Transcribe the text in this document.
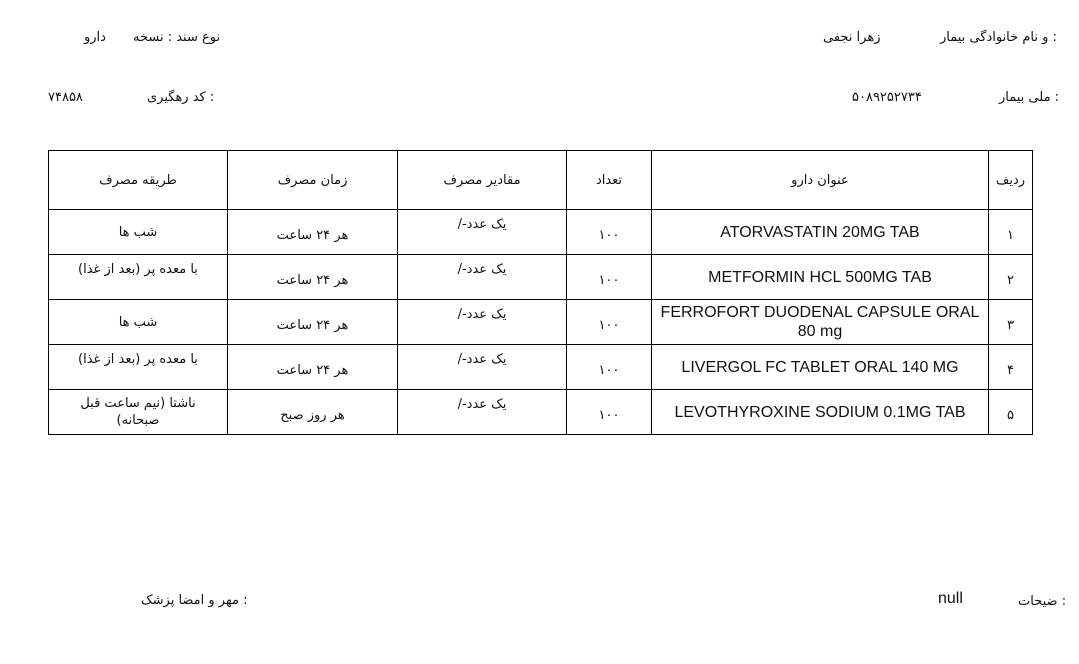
دارو نوع سند : نسخه	زهرا نجفی	و نام خانوادگی بیمار :
۷۴۸۵۸	کد رهگیری :	۵۰۸۹۲۵۲۷۳۴	ملی بیمار :
طریقه مصرف	زمان مصرف	مقادیر مصرف	تعداد	عنوان دارو	ردیف
شب ها	هر ۲۴ ساعت	/-یک عدد	۱۰۰	ATORVASTATIN 20MG TAB	۱

با معده پر (بعد از غذا)	هر ۲۴ ساعت	/-یک عدد	۱۰۰	METFORMIN HCL 500MG TAB	۲

شب ها	هر ۲۴ ساعت	/-یک عدد	۱۰۰	FERROFORT DUODENAL CAPSULE ORAL 80 mg	۳

با معده پر (بعد از غذا)	هر ۲۴ ساعت	/-یک عدد	۱۰۰	LIVERGOL FC TABLET ORAL 140 MG	۴

ناشتا (نیم ساعت قبل صبحانه)	هر روز صبح	/-یک عدد	۱۰۰	LEVOTHYROXINE SODIUM 0.1MG TAB	۵
مهر و امضا پزشک :	null	ضیحات :
